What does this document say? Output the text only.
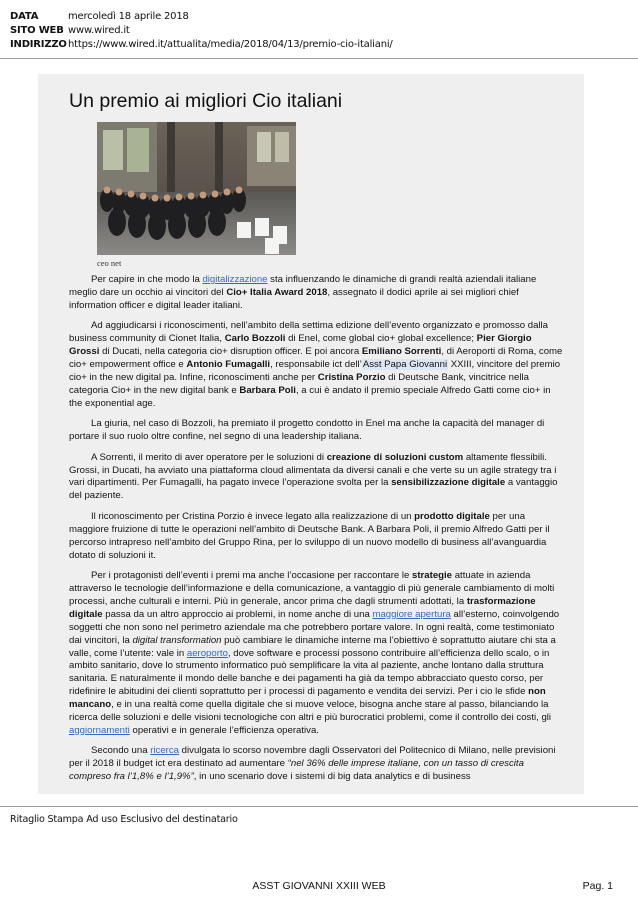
DATA	mercoledì 18 aprile 2018
SITO WEB www.wired.it
INDIRIZZO https://www.wired.it/attualita/media/2018/04/13/premio-cio-italiani/
Un premio ai migliori Cio italiani
ceo net

Per capire in che modo la digitalizzazione sta influenzando le dinamiche di grandi realtà aziendali italiane meglio dare un occhio ai vincitori del Cio+ Italia Award 2018, assegnato il dodici aprile ai sei migliori chief information officer e digital leader italiani.

Ad aggiudicarsi i riconoscimenti, nell’ambito della settima edizione dell’evento organizzato e promosso dalla business community di Cionet Italia, Carlo Bozzoli di Enel, come global cio+ global excellence; Pier Giorgio Grossi di Ducati, nella categoria cio+ disruption officer. E poi ancora Emiliano Sorrenti, di Aeroporti di Roma, come cio+ empowerment office e Antonio Fumagalli, responsabile ict dell’Asst Papa Giovanni XXIII, vincitore del premio cio+ in the new digital pa. Infine, riconoscimenti anche per Cristina Porzio di Deutsche Bank, vincitrice nella categoria Cio+ in the new digital bank e Barbara Poli, a cui è andato il premio speciale Alfredo Gatti come cio+ in the exponential age.

La giuria, nel caso di Bozzoli, ha premiato il progetto condotto in Enel ma anche la capacità del manager di portare il suo ruolo oltre confine, nel segno di una leadership italiana.

A Sorrenti, il merito di aver operatore per le soluzioni di creazione di soluzioni custom altamente flessibili. Grossi, in Ducati, ha avviato una piattaforma cloud alimentata da diversi canali e che verte su un agile strategy tra i vari dipartimenti. Per Fumagalli, ha pagato invece l’operazione svolta per la sensibilizzazione digitale a vantaggio del paziente.

Il riconoscimento per Cristina Porzio è invece legato alla realizzazione di un prodotto digitale per una maggiore fruizione di tutte le operazioni nell’ambito di Deutsche Bank. A Barbara Poli, il premio Alfredo Gatti per il percorso intrapreso nell’ambito del Gruppo Rina, per lo sviluppo di un nuovo modello di business all’avanguardia dotato di soluzioni it.

Per i protagonisti dell’eventi i premi ma anche l’occasione per raccontare le strategie attuate in azienda attraverso le tecnologie dell’informazione e della comunicazione, a vantaggio di più generale cambiamento di molti processi, anche culturali e interni. Più in generale, ancor prima che dagli strumenti adottati, la trasformazione digitale passa da un altro approccio ai problemi, in nome anche di una maggiore apertura all’esterno, coinvolgendo soggetti che non sono nel perimetro aziendale ma che potrebbero portare valore. In ogni realtà, come testimoniato dai vincitori, la digital transformation può cambiare le dinamiche interne ma l’obiettivo è soprattutto aiutare chi sta a valle, come l’utente: vale in aeroporto, dove software e processi possono contribuire all’efficienza dello scalo, o in ambito sanitario, dove lo strumento informatico può semplificare la vita al paziente, anche lontano dalla struttura sanitaria. E naturalmente il mondo delle banche e dei pagamenti ha già da tempo abbracciato questo corso, per ridefinire le abitudini dei clienti soprattutto per i processi di pagamento e vendita dei servizi. Per i cio le sfide non mancano, e in una realtà come quella digitale che si muove veloce, bisogna anche stare al passo, bilanciando la ricerca delle soluzioni e delle visioni tecnologiche con altri e più burocratici problemi, come il controllo dei costi, gli aggiornamenti operativi e in generale l’efficienza operativa.

Secondo una ricerca divulgata lo scorso novembre dagli Osservatori del Politecnico di Milano, nelle previsioni per il 2018 il budget ict era destinato ad aumentare “nel 36% delle imprese italiane, con un tasso di crescita compreso fra l’1,8% e l’1,9%”, in uno scenario dove i sistemi di big data analytics e di business

Ritaglio Stampa Ad uso Esclusivo del destinatario
ASST GIOVANNI XXIII WEB	Pag. 1
